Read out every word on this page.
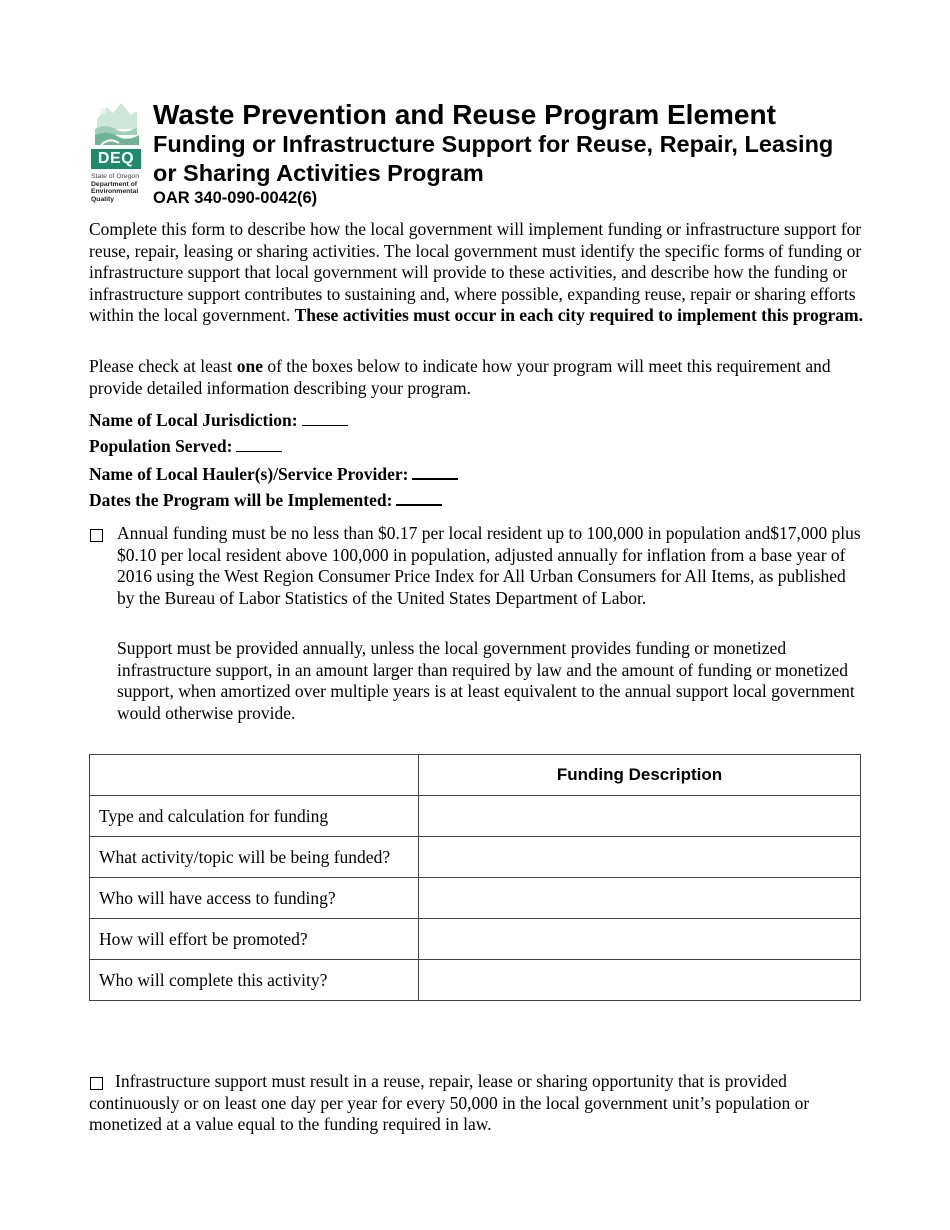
DEQ
State of Oregon
Department of
Environmental
Quality
Waste Prevention and Reuse Program Element
Funding or Infrastructure Support for Reuse, Repair, Leasing or Sharing Activities Program
OAR 340-090-0042(6)

Complete this form to describe how the local government will implement funding or infrastructure support for reuse, repair, leasing or sharing activities. The local government must identify the specific forms of funding or infrastructure support that local government will provide to these activities, and describe how the funding or infrastructure support contributes to sustaining and, where possible, expanding reuse, repair or sharing efforts within the local government. These activities must occur in each city required to implement this program.

Please check at least one of the boxes below to indicate how your program will meet this requirement and provide detailed information describing your program.

Name of Local Jurisdiction:
Population Served:
Name of Local Hauler(s)/Service Provider:
Dates the Program will be Implemented:

Annual funding must be no less than $0.17 per local resident up to 100,000 in population and$17,000 plus $0.10 per local resident above 100,000 in population, adjusted annually for inflation from a base year of 2016 using the West Region Consumer Price Index for All Urban Consumers for All Items, as published by the Bureau of Labor Statistics of the United States Department of Labor.

Support must be provided annually, unless the local government provides funding or monetized infrastructure support, in an amount larger than required by law and the amount of funding or monetized support, when amortized over multiple years is at least equivalent to the annual support local government would otherwise provide.

	Funding Description
Type and calculation for funding	
What activity/topic will be being funded?	
Who will have access to funding?	
How will effort be promoted?	
Who will complete this activity?	

Infrastructure support must result in a reuse, repair, lease or sharing opportunity that is provided continuously or on least one day per year for every 50,000 in the local government unit’s population or monetized at a value equal to the funding required in law.
